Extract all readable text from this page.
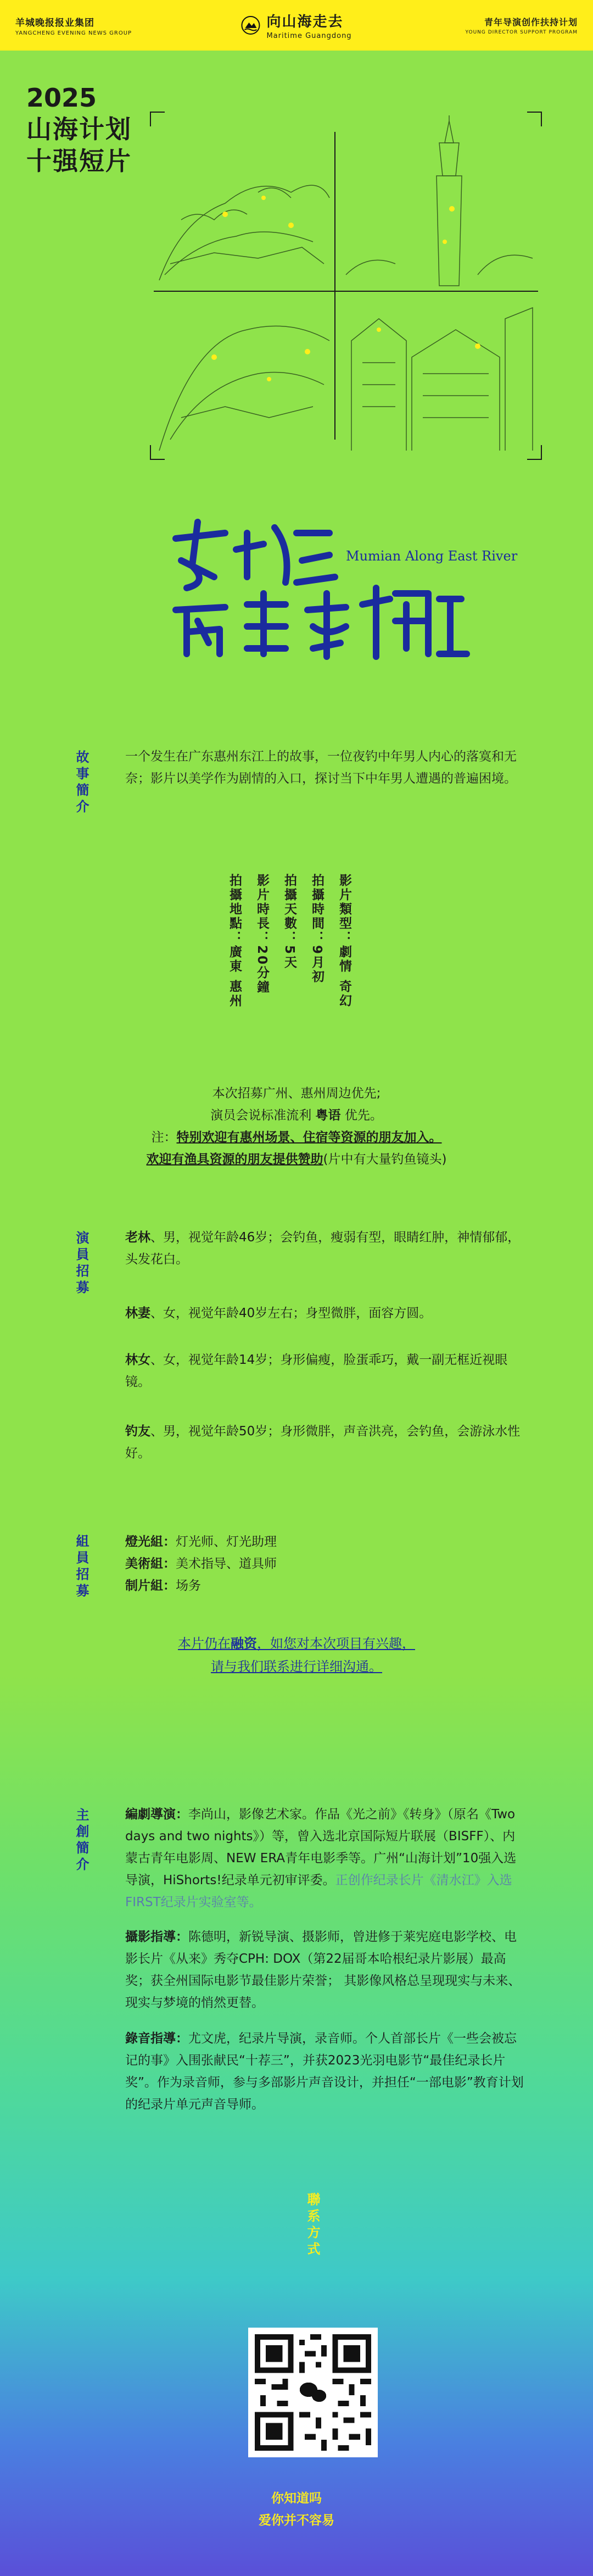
羊城晚报报业集团
YANGCHENG EVENING NEWS GROUP
向山海走去
Maritime Guangdong
青年导演创作扶持计划
YOUNG DIRECTOR SUPPORT PROGRAM
2025
山海计划
十强短片
Mumian Along East River
故事簡介	一个发生在广东惠州东江上的故事，一位夜钓中年男人内心的落寞和无奈；影片以美学作为剧情的入口，探讨当下中年男人遭遇的普遍困境。
影片類型：劇情 奇幻
拍攝時間：9月初
拍攝天數：5天
影片時長：20分鐘
拍攝地點：廣東 惠州
本次招募广州、惠州周边优先;
演员会说标准流利 粤语 优先。
注：特别欢迎有惠州场景、住宿等资源的朋友加入。
欢迎有渔具资源的朋友提供赞助(片中有大量钓鱼镜头)
演員招募	老林、男，视觉年龄46岁；会钓鱼，瘦弱有型，眼睛红肿，神情郁郁，头发花白。
林妻、女，视觉年龄40岁左右；身型微胖，面容方圆。
林女、女，视觉年龄14岁；身形偏瘦，脸蛋乖巧，戴一副无框近视眼镜。
钓友、男，视觉年龄50岁；身形微胖，声音洪亮，会钓鱼，会游泳水性好。
組員招募	燈光組：灯光师、灯光助理
美術組：美术指导、道具师
制片組：场务
本片仍在融资，如您对本次项目有兴趣，
请与我们联系进行详细沟通。
主創簡介	編劇導演：李尚山，影像艺术家。作品《光之前》《转身》（原名《Two days and two nights》）等，曾入选北京国际短片联展（BISFF）、内蒙古青年电影周、NEW ERA青年电影季等。广州“山海计划”10强入选导演，HiShorts!纪录单元初审评委。正创作纪录长片《清水江》入选FIRST纪录片实验室等。
攝影指導：陈德明，新锐导演、摄影师，曾进修于莱宪庭电影学校、电影长片《从来》秀夺CPH: DOX（第22届哥本哈根纪录片影展）最高奖；获全州国际电影节最佳影片荣誉； 其影像风格总呈现现实与未来、现实与梦境的悄然更替。
錄音指導：尤文虎，纪录片导演，录音师。个人首部长片《一些会被忘记的事》入围张献民“十荐三”，并获2023光羽电影节“最佳纪录长片奖”。作为录音师，参与多部影片声音设计，并担任“一部电影”教育计划的纪录片单元声音导师。
聯系方式
你知道吗
爱你并不容易
